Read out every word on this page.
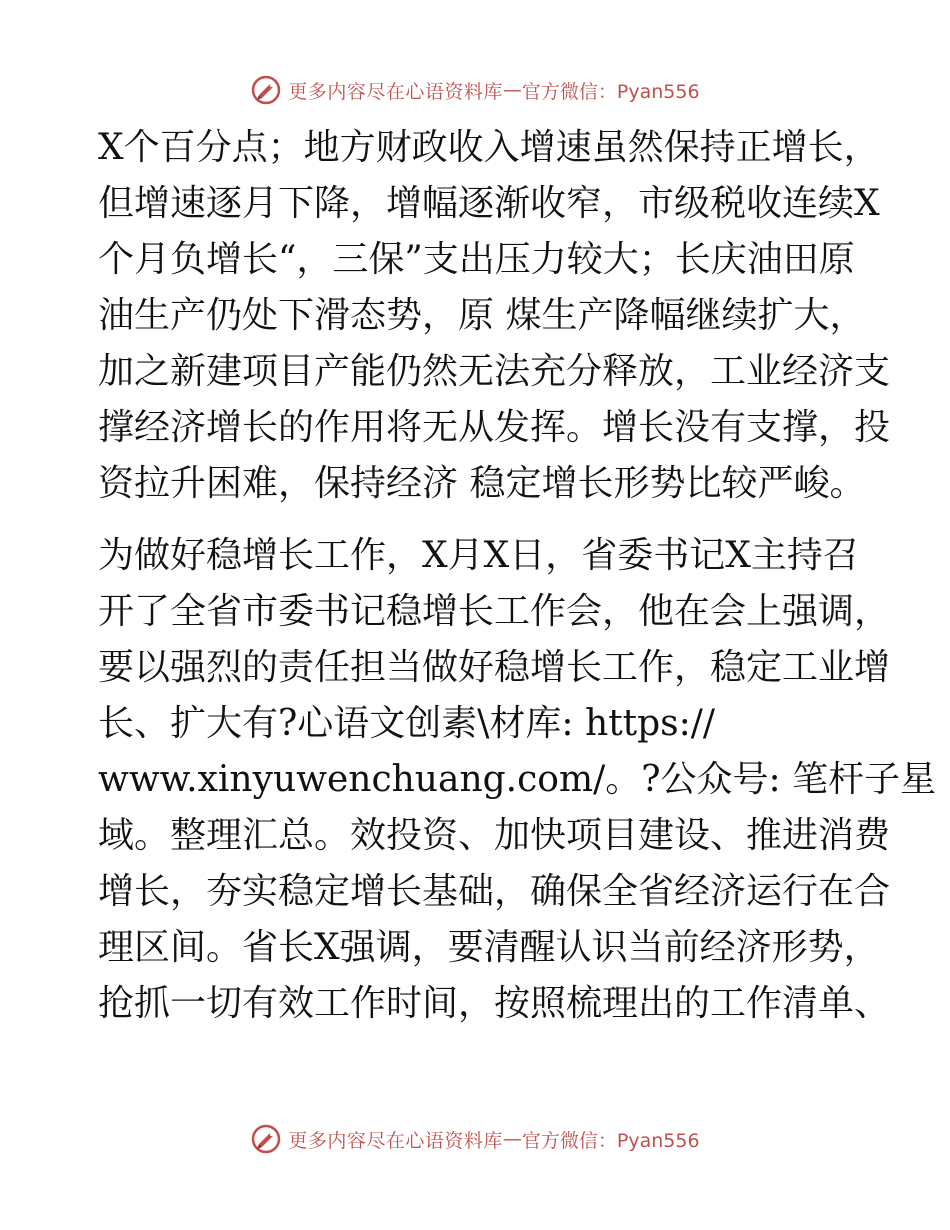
更多内容尽在心语资料库 — 官方微信：Pyan556
X个百分点；地方财政收入增速虽然保持正增长，
但增速逐月下降，增幅逐渐收窄，市级税收连续X
个月负增长“，三保”支出压力较大；长庆油田原
油生产仍处下滑态势，原 煤生产降幅继续扩大，
加之新建项目产能仍然无法充分释放，工业经济支
撑经济增长的作用将无从发挥。增长没有支撑，投
资拉升困难，保持经济 稳定增长形势比较严峻。
为做好稳增长工作，X月X日，省委书记X主持召
开了全省市委书记稳增长工作会，他在会上强调，
要以强烈的责任担当做好稳增长工作，稳定工业增
长、扩大有?心语文创素\材库: https://
www.xinyuwenchuang.com/。?公众号: 笔杆子星
域。整理汇总。效投资、加快项目建设、推进消费
增长，夯实稳定增长基础，确保全省经济运行在合
理区间。省长X强调，要清醒认识当前经济形势，
抢抓一切有效工作时间，按照梳理出的工作清单、
更多内容尽在心语资料库 — 官方微信：Pyan556
